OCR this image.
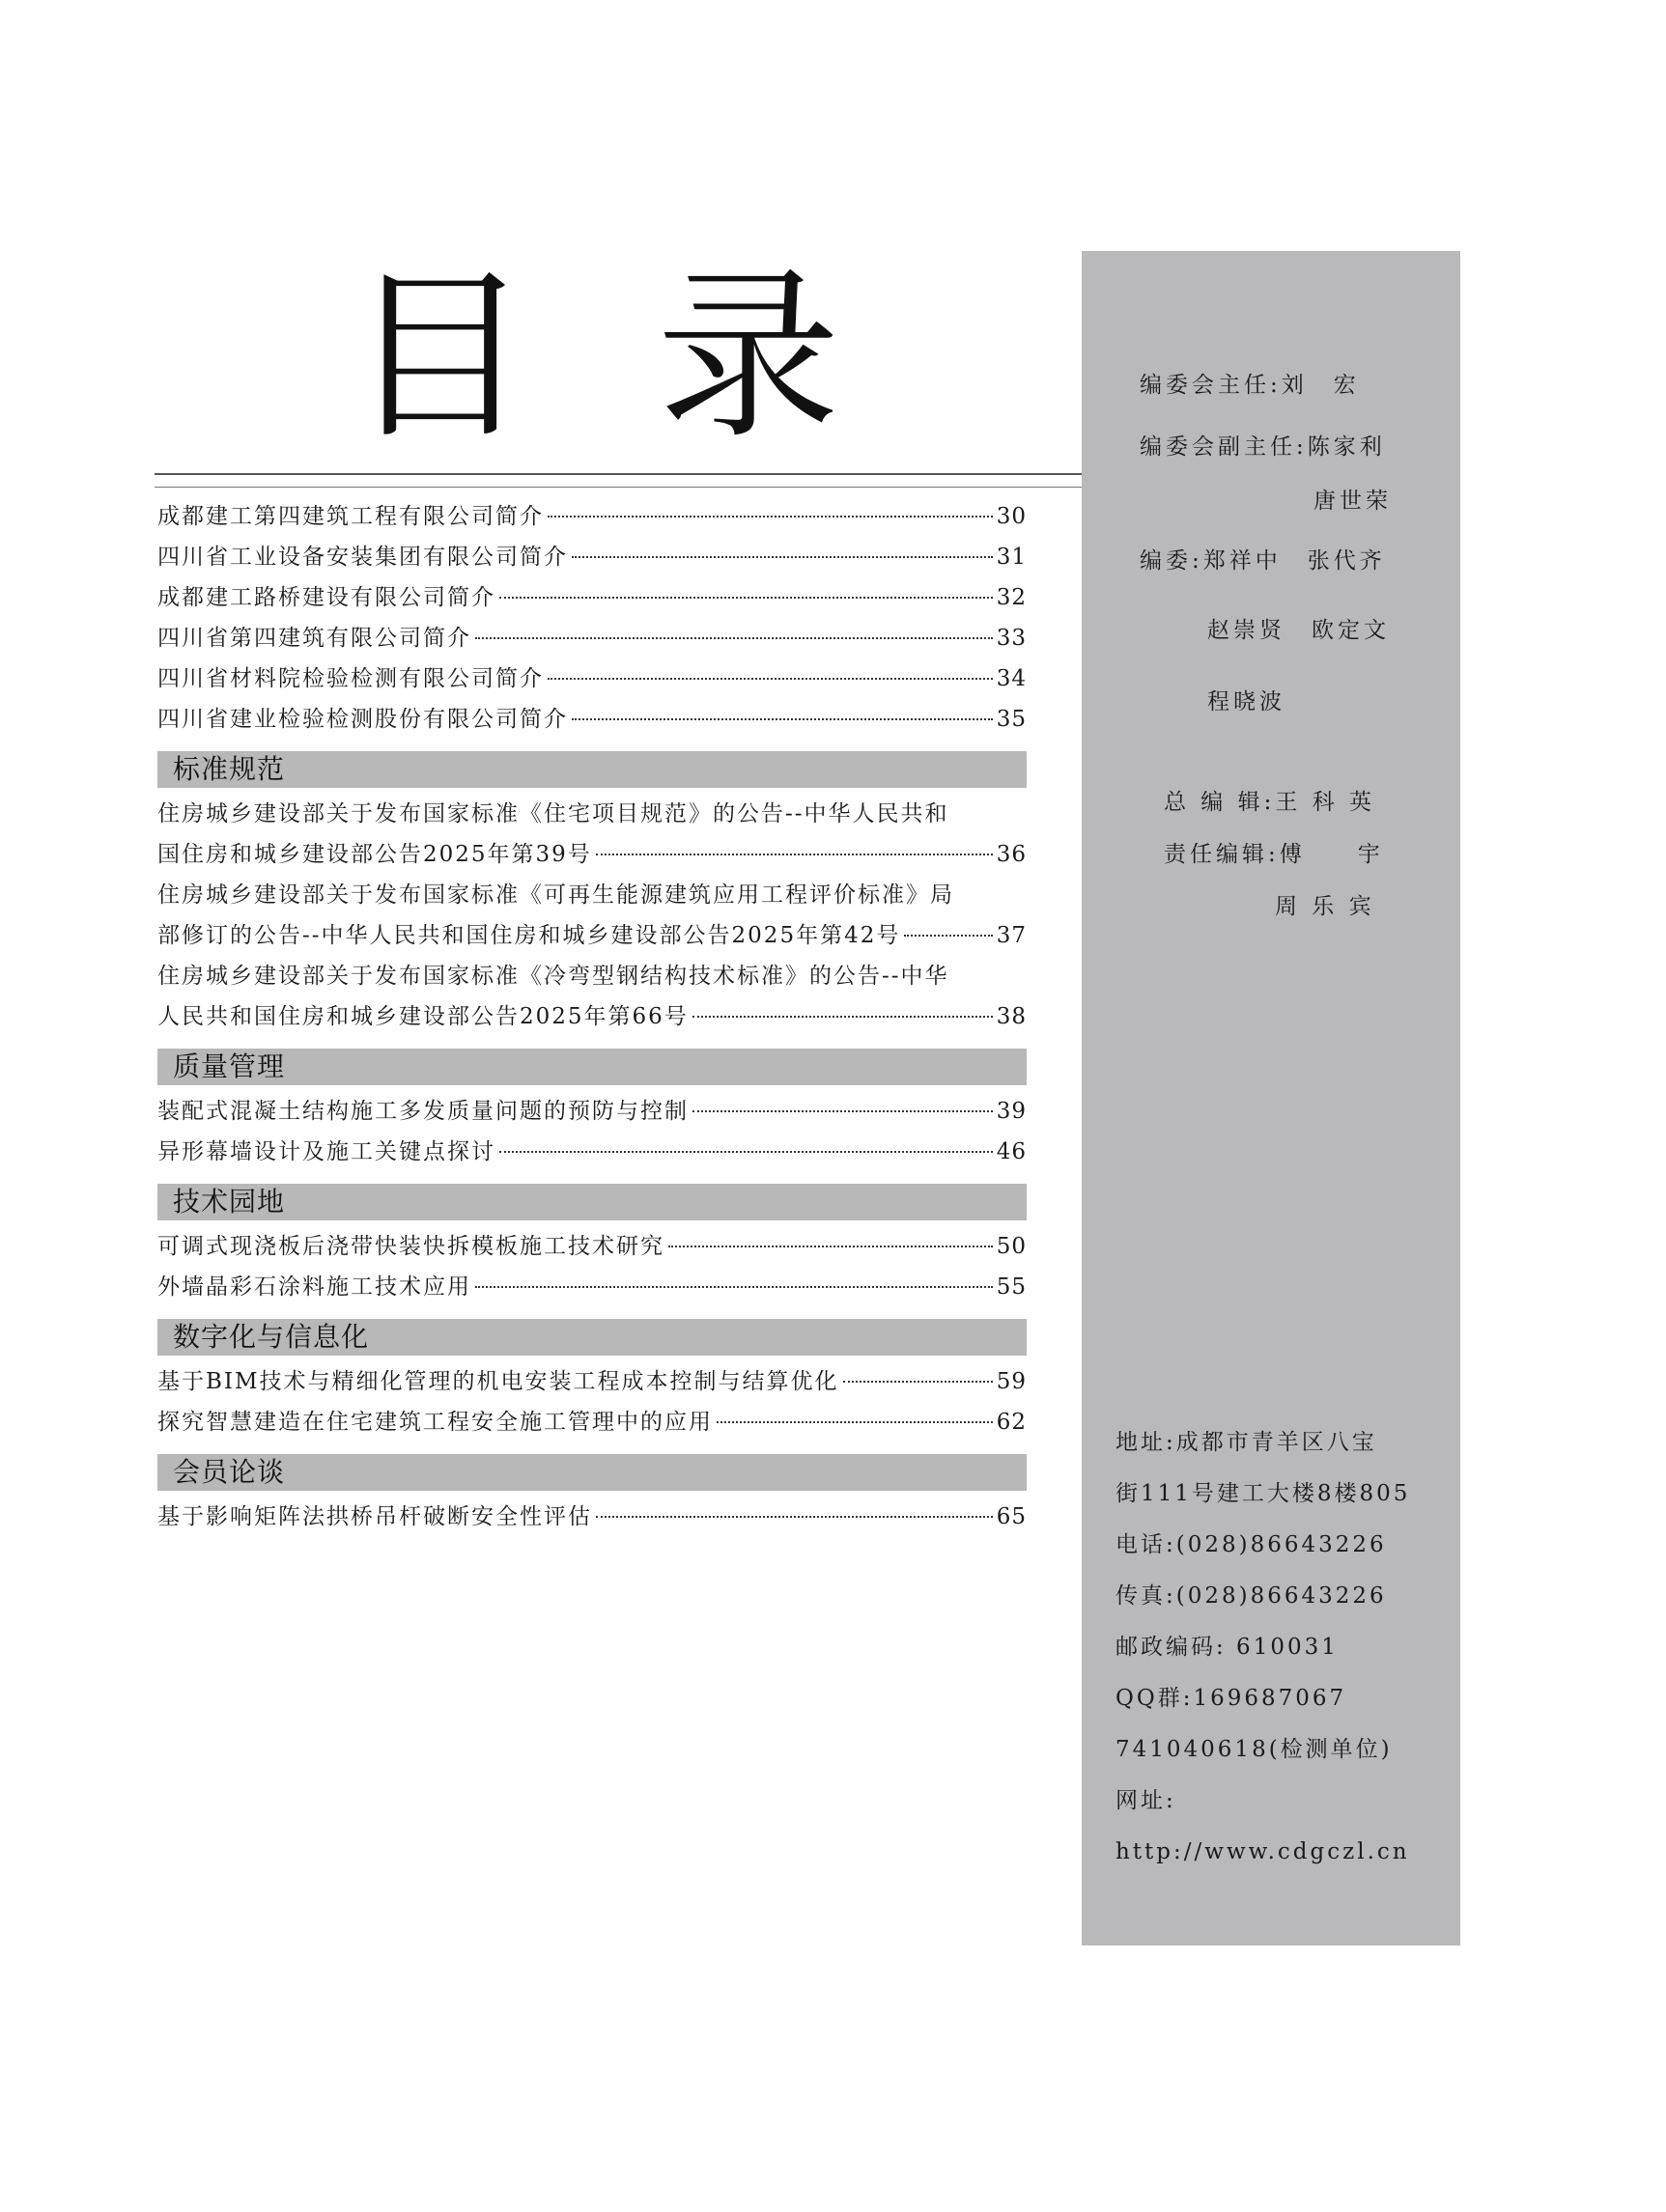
目 录
成都建工第四建筑工程有限公司简介	30
四川省工业设备安装集团有限公司简介	31
成都建工路桥建设有限公司简介	32
四川省第四建筑有限公司简介	33
四川省材料院检验检测有限公司简介	34
四川省建业检验检测股份有限公司简介	35
标准规范
住房城乡建设部关于发布国家标准《住宅项目规范》的公告--中华人民共和
国住房和城乡建设部公告2025年第39号	36
住房城乡建设部关于发布国家标准《可再生能源建筑应用工程评价标准》局
部修订的公告--中华人民共和国住房和城乡建设部公告2025年第42号	37
住房城乡建设部关于发布国家标准《冷弯型钢结构技术标准》的公告--中华
人民共和国住房和城乡建设部公告2025年第66号	38
质量管理
装配式混凝土结构施工多发质量问题的预防与控制	39
异形幕墙设计及施工关键点探讨	46
技术园地
可调式现浇板后浇带快装快拆模板施工技术研究	50
外墙晶彩石涂料施工技术应用	55
数字化与信息化
基于BIM技术与精细化管理的机电安装工程成本控制与结算优化	59
探究智慧建造在住宅建筑工程安全施工管理中的应用	62
会员论谈
基于影响矩阵法拱桥吊杆破断安全性评估	65
编委会主任:刘　宏
编委会副主任:陈家利
唐世荣
编委:郑祥中　张代齐
赵崇贤　欧定文
程晓波
总 编 辑:王 科 英
责任编辑:傅　　宇
周 乐 宾
地址:成都市青羊区八宝
街111号建工大楼8楼805
电话:(028)86643226
传真:(028)86643226
邮政编码: 610031
QQ群:169687067
741040618(检测单位)
网址:
http://www.cdgczl.cn
